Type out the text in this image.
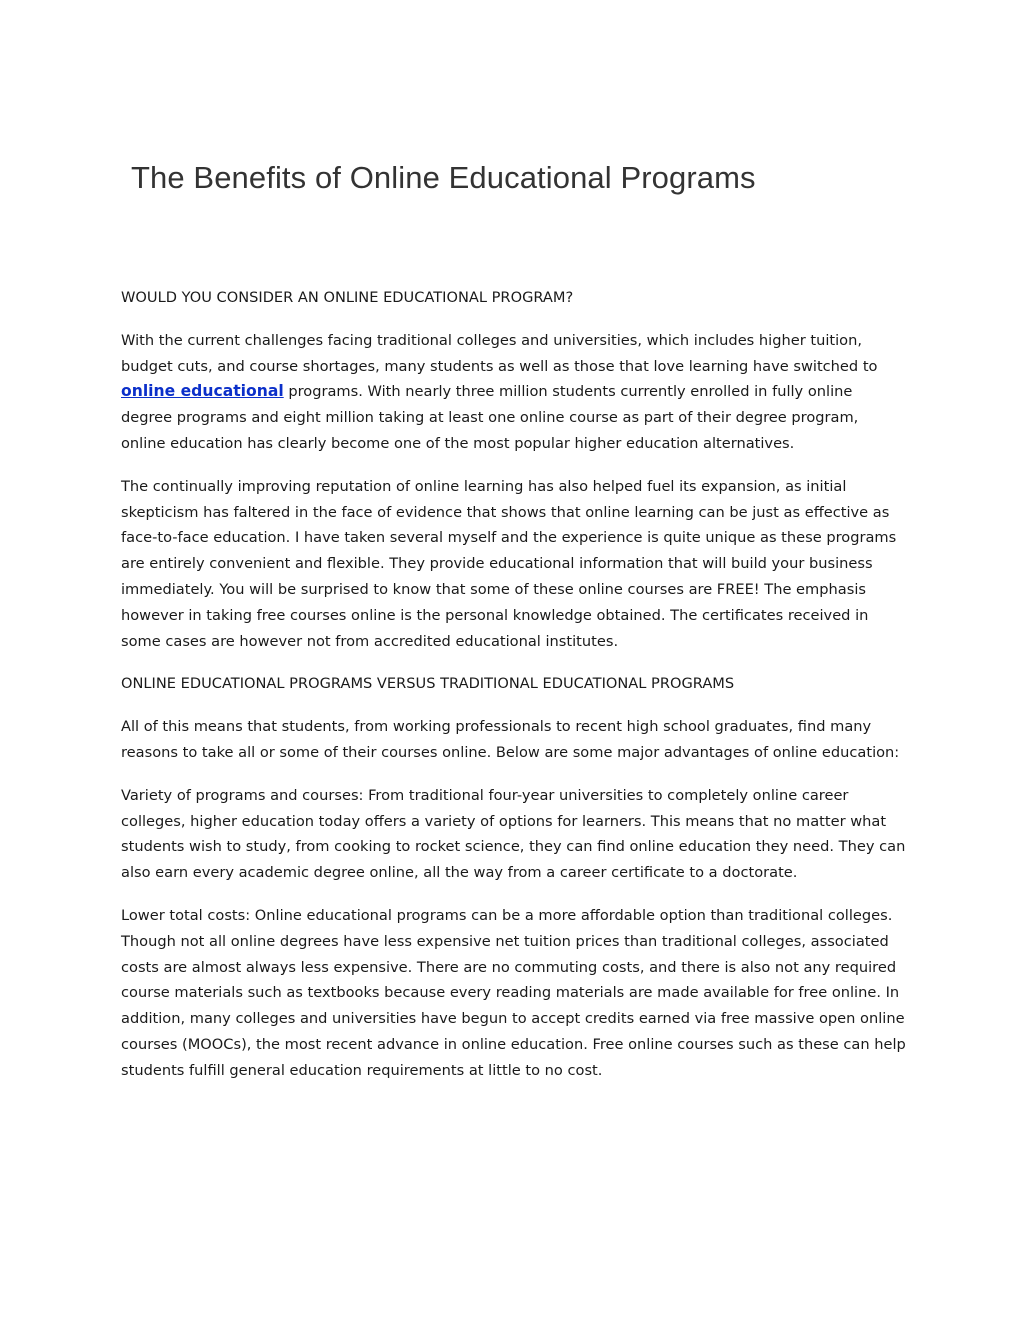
The Benefits of Online Educational Programs

WOULD YOU CONSIDER AN ONLINE EDUCATIONAL PROGRAM?

With the current challenges facing traditional colleges and universities, which includes higher tuition, budget cuts, and course shortages, many students as well as those that love learning have switched to online educational programs. With nearly three million students currently enrolled in fully online degree programs and eight million taking at least one online course as part of their degree program, online education has clearly become one of the most popular higher education alternatives.

The continually improving reputation of online learning has also helped fuel its expansion, as initial skepticism has faltered in the face of evidence that shows that online learning can be just as effective as face-to-face education. I have taken several myself and the experience is quite unique as these programs are entirely convenient and flexible. They provide educational information that will build your business immediately. You will be surprised to know that some of these online courses are FREE! The emphasis however in taking free courses online is the personal knowledge obtained. The certificates received in some cases are however not from accredited educational institutes.

ONLINE EDUCATIONAL PROGRAMS VERSUS TRADITIONAL EDUCATIONAL PROGRAMS

All of this means that students, from working professionals to recent high school graduates, find many reasons to take all or some of their courses online. Below are some major advantages of online education:

Variety of programs and courses: From traditional four-year universities to completely online career colleges, higher education today offers a variety of options for learners. This means that no matter what students wish to study, from cooking to rocket science, they can find online education they need. They can also earn every academic degree online, all the way from a career certificate to a doctorate.

Lower total costs: Online educational programs can be a more affordable option than traditional colleges. Though not all online degrees have less expensive net tuition prices than traditional colleges, associated costs are almost always less expensive. There are no commuting costs, and there is also not any required course materials such as textbooks because every reading materials are made available for free online. In addition, many colleges and universities have begun to accept credits earned via free massive open online courses (MOOCs), the most recent advance in online education. Free online courses such as these can help students fulfill general education requirements at little to no cost.
